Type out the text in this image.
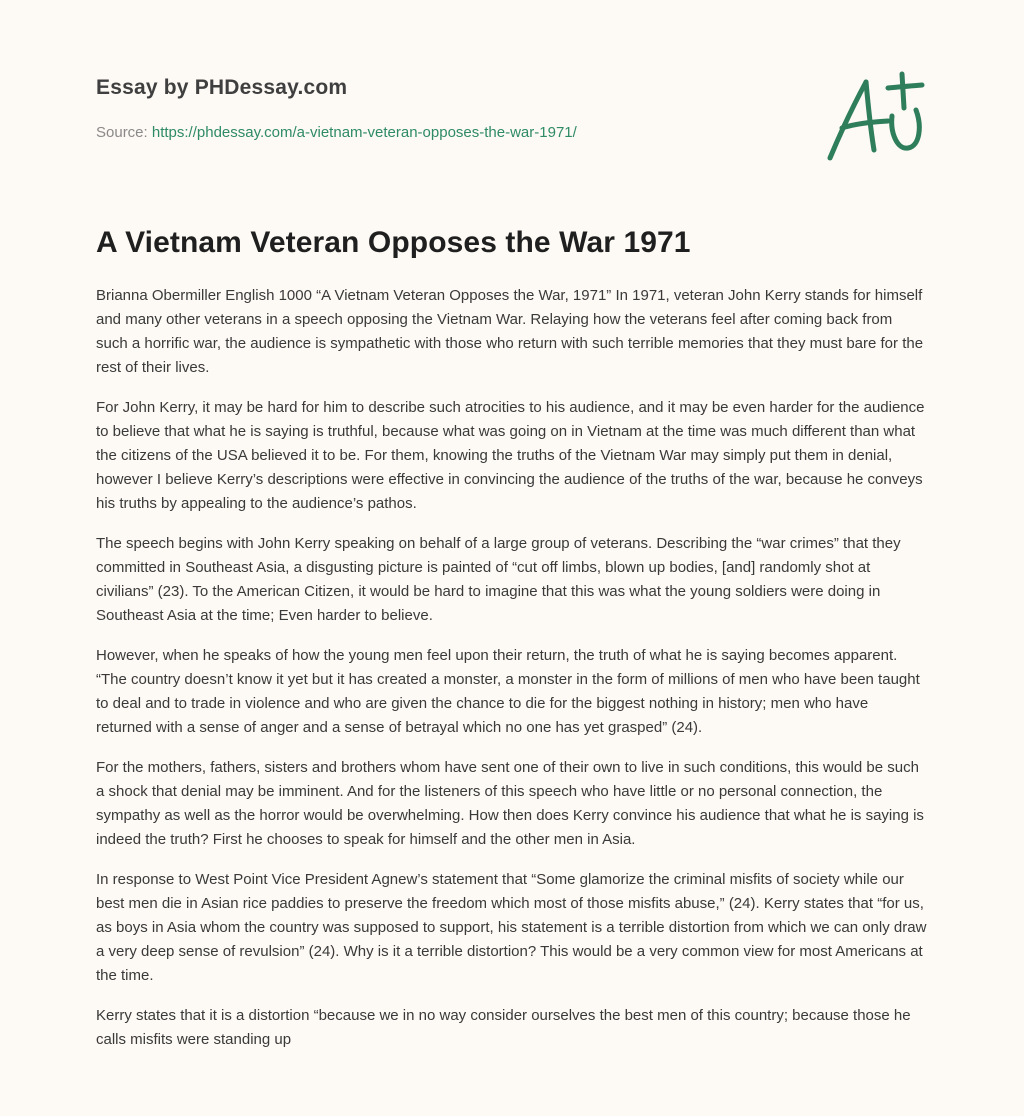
Essay by PHDessay.com
Source: https://phdessay.com/a-vietnam-veteran-opposes-the-war-1971/
A Vietnam Veteran Opposes the War 1971

Brianna Obermiller English 1000 “A Vietnam Veteran Opposes the War, 1971” In 1971, veteran John Kerry stands for himself and many other veterans in a speech opposing the Vietnam War. Relaying how the veterans feel after coming back from such a horrific war, the audience is sympathetic with those who return with such terrible memories that they must bare for the rest of their lives.

For John Kerry, it may be hard for him to describe such atrocities to his audience, and it may be even harder for the audience to believe that what he is saying is truthful, because what was going on in Vietnam at the time was much different than what the citizens of the USA believed it to be. For them, knowing the truths of the Vietnam War may simply put them in denial, however I believe Kerry’s descriptions were effective in convincing the audience of the truths of the war, because he conveys his truths by appealing to the audience’s pathos.

The speech begins with John Kerry speaking on behalf of a large group of veterans. Describing the “war crimes” that they committed in Southeast Asia, a disgusting picture is painted of “cut off limbs, blown up bodies, [and] randomly shot at civilians” (23). To the American Citizen, it would be hard to imagine that this was what the young soldiers were doing in Southeast Asia at the time; Even harder to believe.

However, when he speaks of how the young men feel upon their return, the truth of what he is saying becomes apparent. “The country doesn’t know it yet but it has created a monster, a monster in the form of millions of men who have been taught to deal and to trade in violence and who are given the chance to die for the biggest nothing in history; men who have returned with a sense of anger and a sense of betrayal which no one has yet grasped” (24).

For the mothers, fathers, sisters and brothers whom have sent one of their own to live in such conditions, this would be such a shock that denial may be imminent. And for the listeners of this speech who have little or no personal connection, the sympathy as well as the horror would be overwhelming. How then does Kerry convince his audience that what he is saying is indeed the truth? First he chooses to speak for himself and the other men in Asia.

In response to West Point Vice President Agnew’s statement that “Some glamorize the criminal misfits of society while our best men die in Asian rice paddies to preserve the freedom which most of those misfits abuse,” (24). Kerry states that “for us, as boys in Asia whom the country was supposed to support, his statement is a terrible distortion from which we can only draw a very deep sense of revulsion” (24). Why is it a terrible distortion? This would be a very common view for most Americans at the time.

Kerry states that it is a distortion “because we in no way consider ourselves the best men of this country; because those he calls misfits were standing up
